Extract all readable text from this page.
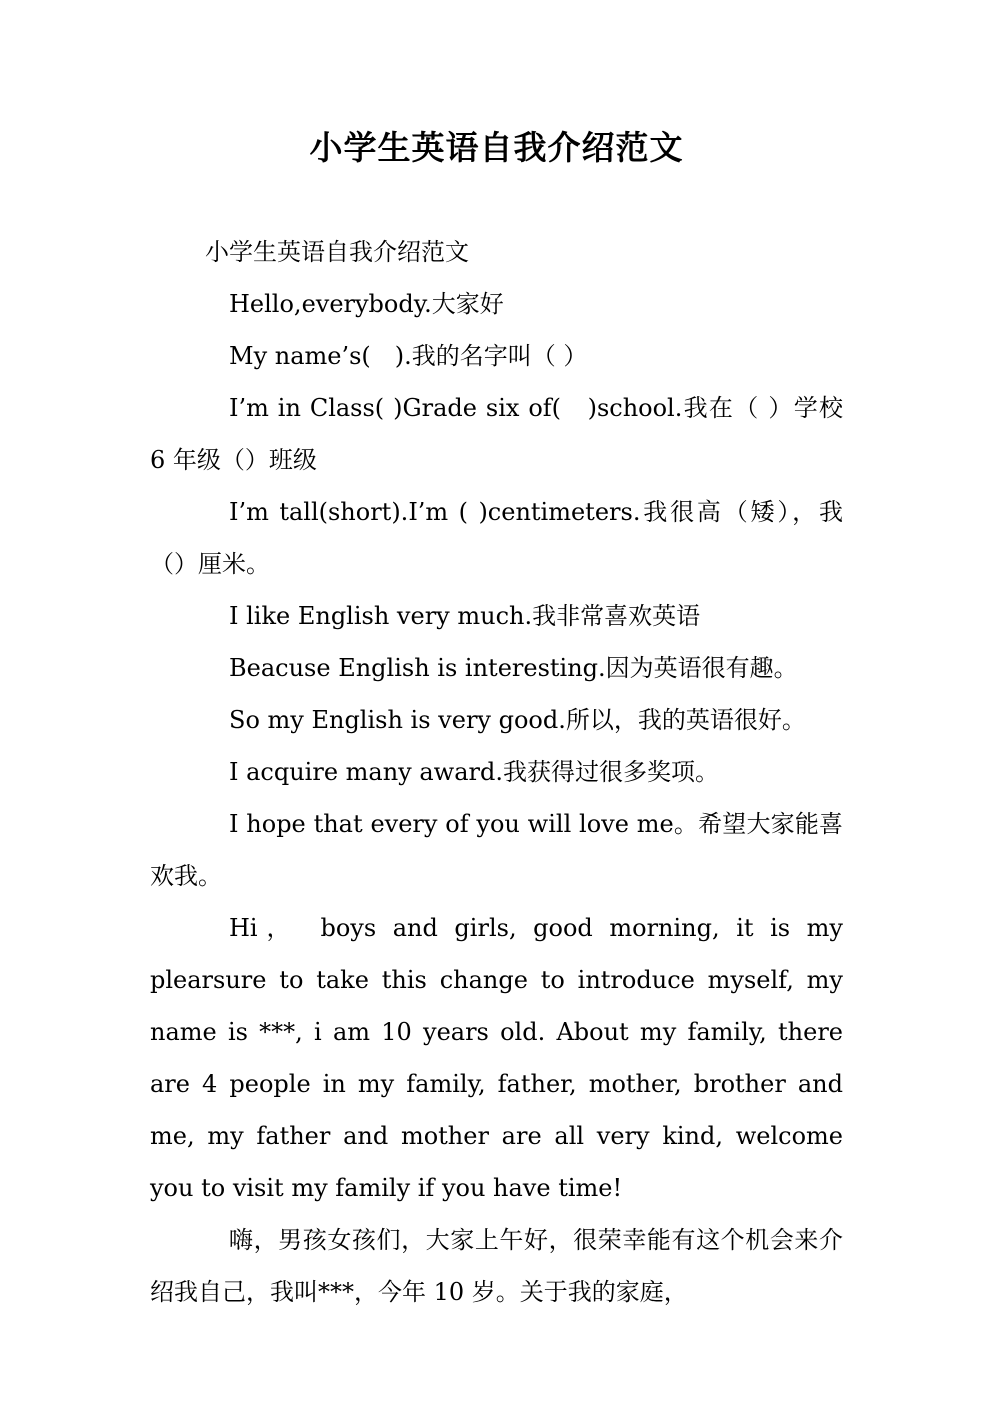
小学生英语自我介绍范文

小学生英语自我介绍范文

Hello,everybody.大家好

My name’s(　).我的名字叫（ ）

I’m in Class( )Grade six of(　)school.我在（ ）学校 6 年级（）班级

I’m tall(short).I’m ( )centimeters.我很高（矮），我（）厘米。

I like English very much.我非常喜欢英语

Beacuse English is interesting.因为英语很有趣。

So my English is very good.所以，我的英语很好。

I acquire many award.我获得过很多奖项。

I hope that every of you will love me。希望大家能喜欢我。

Hi，　boys and girls, good morning, it is my plearsure to take this change to introduce myself, my name is ***, i am 10 years old. About my family, there are 4 people in my family, father, mother, brother and me, my father and mother are all very kind, welcome you to visit my family if you have time!

嗨，男孩女孩们，大家上午好，很荣幸能有这个机会来介绍我自己，我叫***，今年 10 岁。关于我的家庭，
